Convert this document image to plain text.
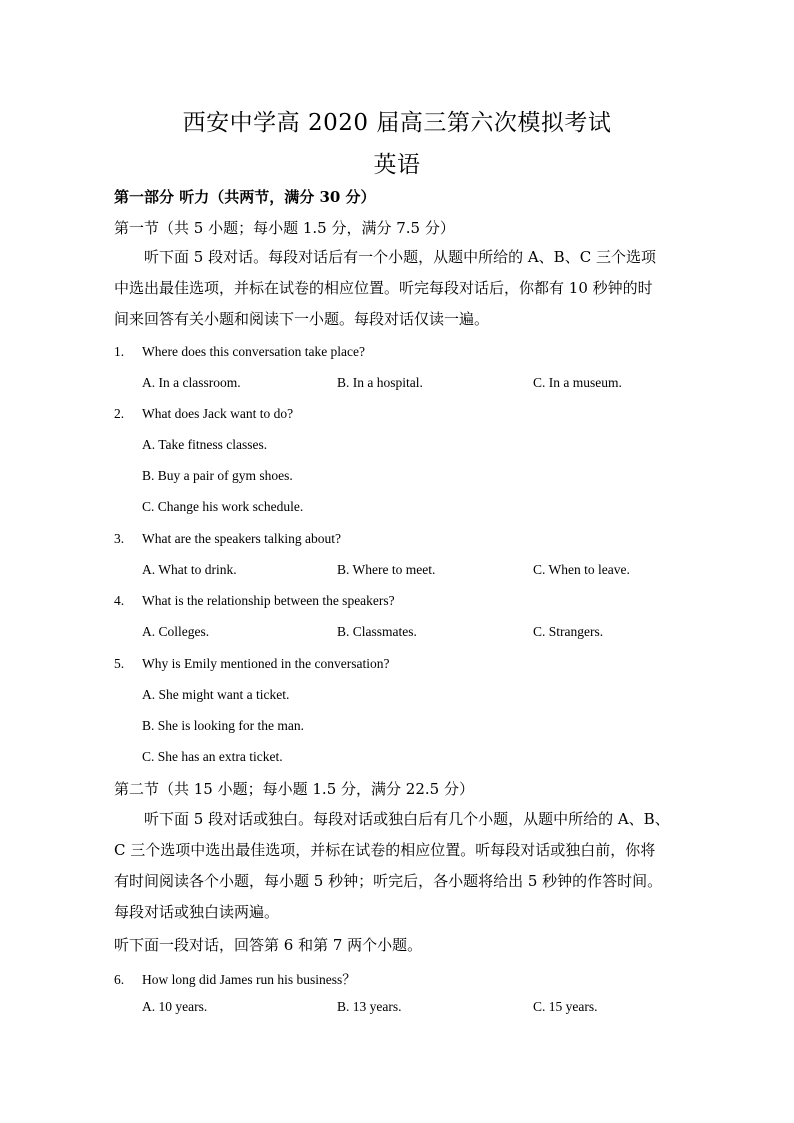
西安中学高 2020 届高三第六次模拟考试
英语
第一部分 听力（共两节，满分 30 分）
第一节（共 5 小题；每小题 1.5 分，满分 7.5 分）
听下面 5 段对话。每段对话后有一个小题，从题中所给的 A、B、C 三个选项
中选出最佳选项，并标在试卷的相应位置。听完每段对话后，你都有 10 秒钟的时
间来回答有关小题和阅读下一小题。每段对话仅读一遍。
1. Where does this conversation take place?
A. In a classroom.	B. In a hospital.	C. In a museum.
2. What does Jack want to do?
A. Take fitness classes.
B. Buy a pair of gym shoes.
C. Change his work schedule.
3. What are the speakers talking about?
A. What to drink.	B. Where to meet.	C. When to leave.
4. What is the relationship between the speakers?
A. Colleges.	B. Classmates.	C. Strangers.
5. Why is Emily mentioned in the conversation?
A. She might want a ticket.
B. She is looking for the man.
C. She has an extra ticket.
第二节（共 15 小题；每小题 1.5 分，满分 22.5 分）
听下面 5 段对话或独白。每段对话或独白后有几个小题，从题中所给的 A、B、
C 三个选项中选出最佳选项，并标在试卷的相应位置。听每段对话或独白前，你将
有时间阅读各个小题，每小题 5 秒钟；听完后，各小题将给出 5 秒钟的作答时间。
每段对话或独白读两遍。
听下面一段对话，回答第 6 和第 7 两个小题。
6. How long did James run his business？
A. 10 years.	B. 13 years.	C. 15 years.
